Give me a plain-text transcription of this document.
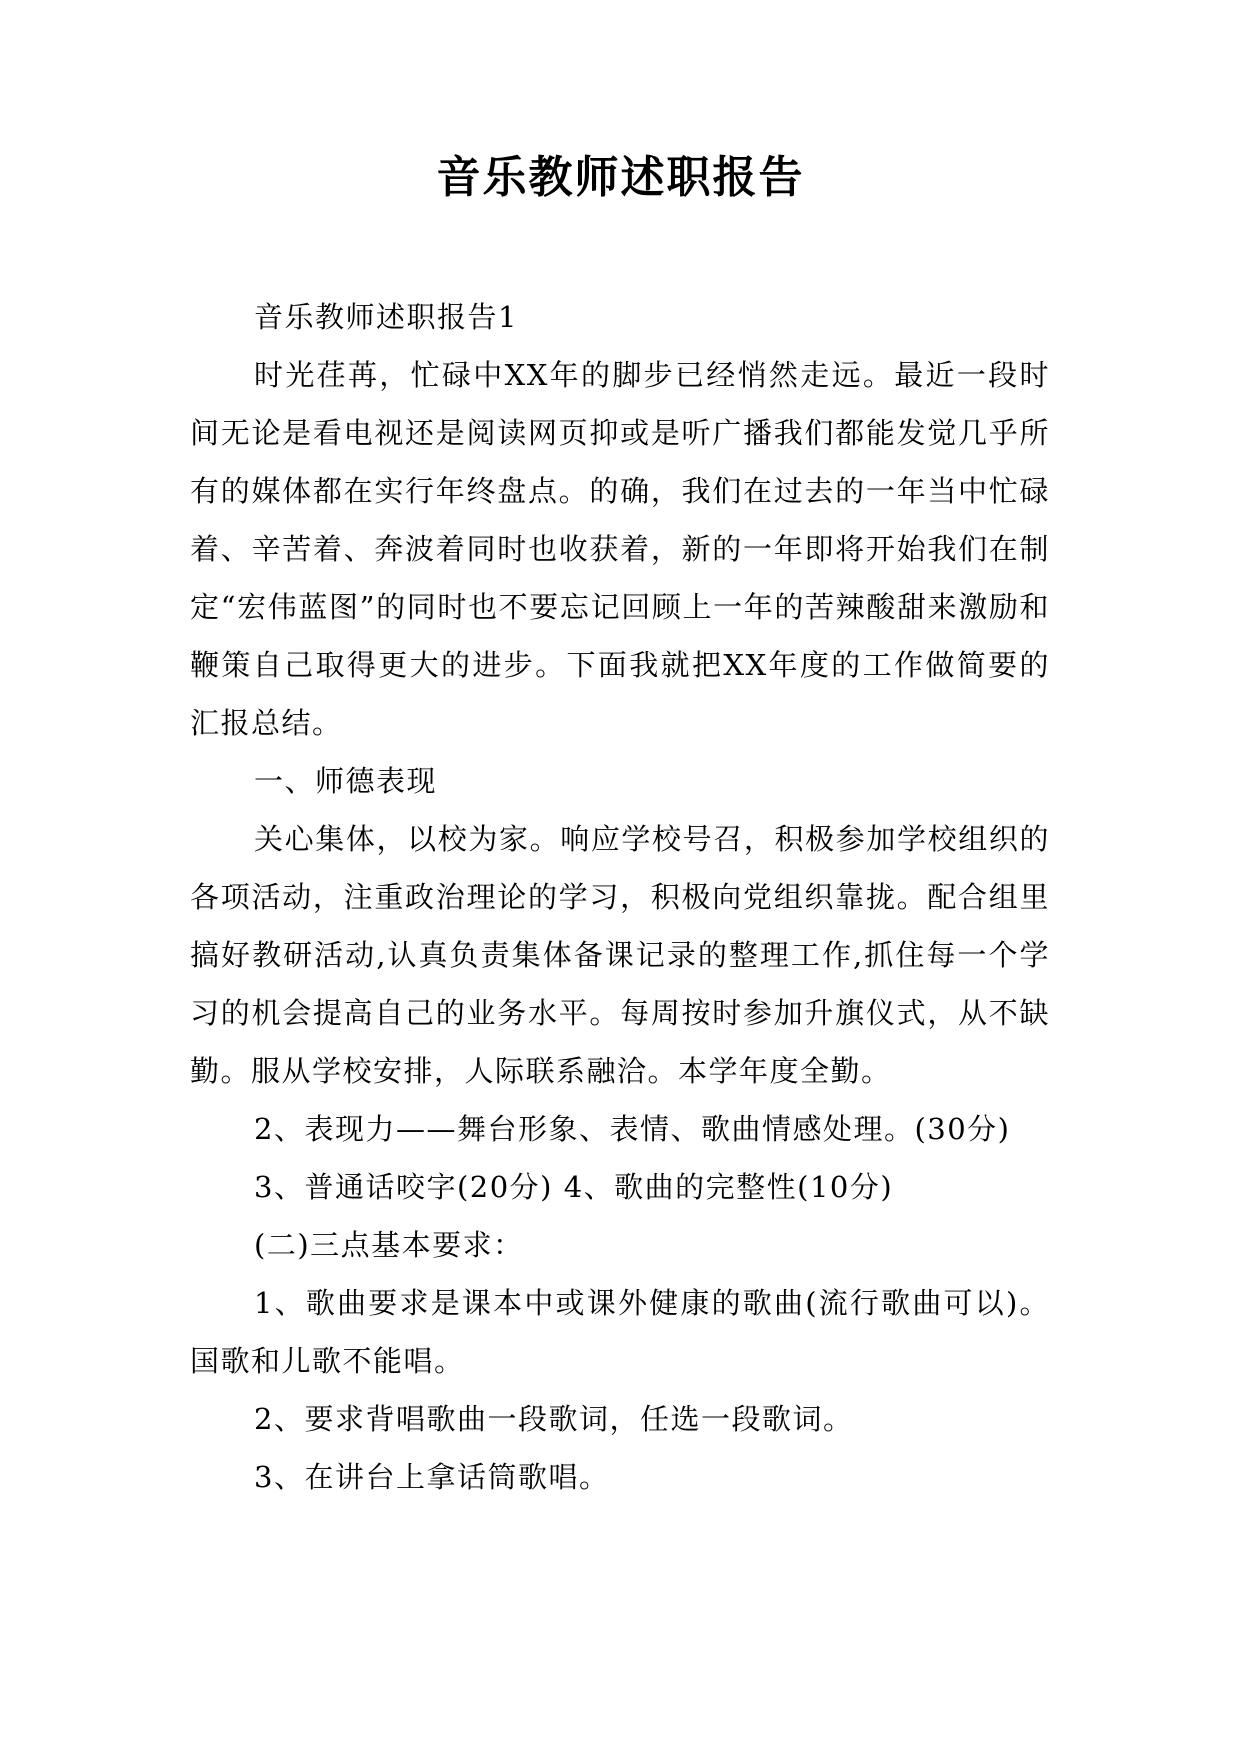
音乐教师述职报告

音乐教师述职报告1

时光荏苒，忙碌中XX年的脚步已经悄然走远。最近一段时间无论是看电视还是阅读网页抑或是听广播我们都能发觉几乎所有的媒体都在实行年终盘点。的确，我们在过去的一年当中忙碌着、辛苦着、奔波着同时也收获着，新的一年即将开始我们在制定“宏伟蓝图”的同时也不要忘记回顾上一年的苦辣酸甜来激励和鞭策自己取得更大的进步。下面我就把XX年度的工作做简要的汇报总结。

一、师德表现

关心集体，以校为家。响应学校号召，积极参加学校组织的各项活动，注重政治理论的学习，积极向党组织靠拢。配合组里搞好教研活动,认真负责集体备课记录的整理工作,抓住每一个学习的机会提高自己的业务水平。每周按时参加升旗仪式，从不缺勤。服从学校安排，人际联系融洽。本学年度全勤。

2、表现力——舞台形象、表情、歌曲情感处理。(30分)

3、普通话咬字(20分) 4、歌曲的完整性(10分)

(二)三点基本要求：

1、歌曲要求是课本中或课外健康的歌曲(流行歌曲可以)。国歌和儿歌不能唱。

2、要求背唱歌曲一段歌词，任选一段歌词。

3、在讲台上拿话筒歌唱。
